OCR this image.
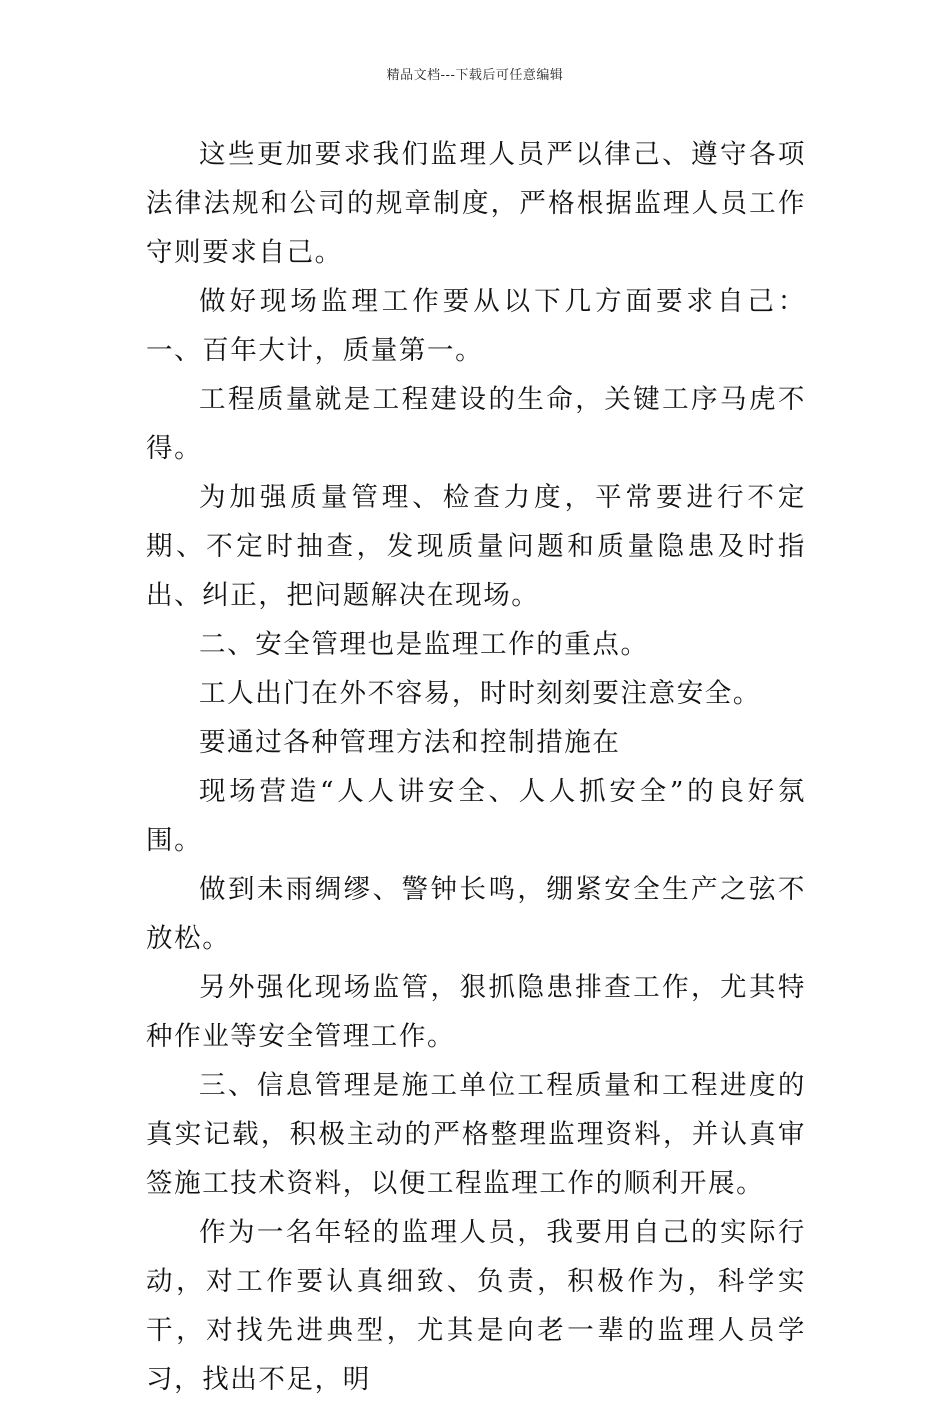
精品文档---下载后可任意编辑

这些更加要求我们监理人员严以律己、遵守各项法律法规和公司的规章制度，严格根据监理人员工作守则要求自己。

做好现场监理工作要从以下几方面要求自己：一、百年大计，质量第一。

工程质量就是工程建设的生命，关键工序马虎不得。

为加强质量管理、检查力度，平常要进行不定期、不定时抽查，发现质量问题和质量隐患及时指出、纠正，把问题解决在现场。

二、安全管理也是监理工作的重点。

工人出门在外不容易，时时刻刻要注意安全。

要通过各种管理方法和控制措施在

现场营造“人人讲安全、人人抓安全”的良好氛围。

做到未雨绸缪、警钟长鸣，绷紧安全生产之弦不放松。

另外强化现场监管，狠抓隐患排查工作，尤其特种作业等安全管理工作。

三、信息管理是施工单位工程质量和工程进度的真实记载，积极主动的严格整理监理资料，并认真审签施工技术资料，以便工程监理工作的顺利开展。

作为一名年轻的监理人员，我要用自己的实际行动，对工作要认真细致、负责，积极作为，科学实干，对找先进典型，尤其是向老一辈的监理人员学习，找出不足，明
